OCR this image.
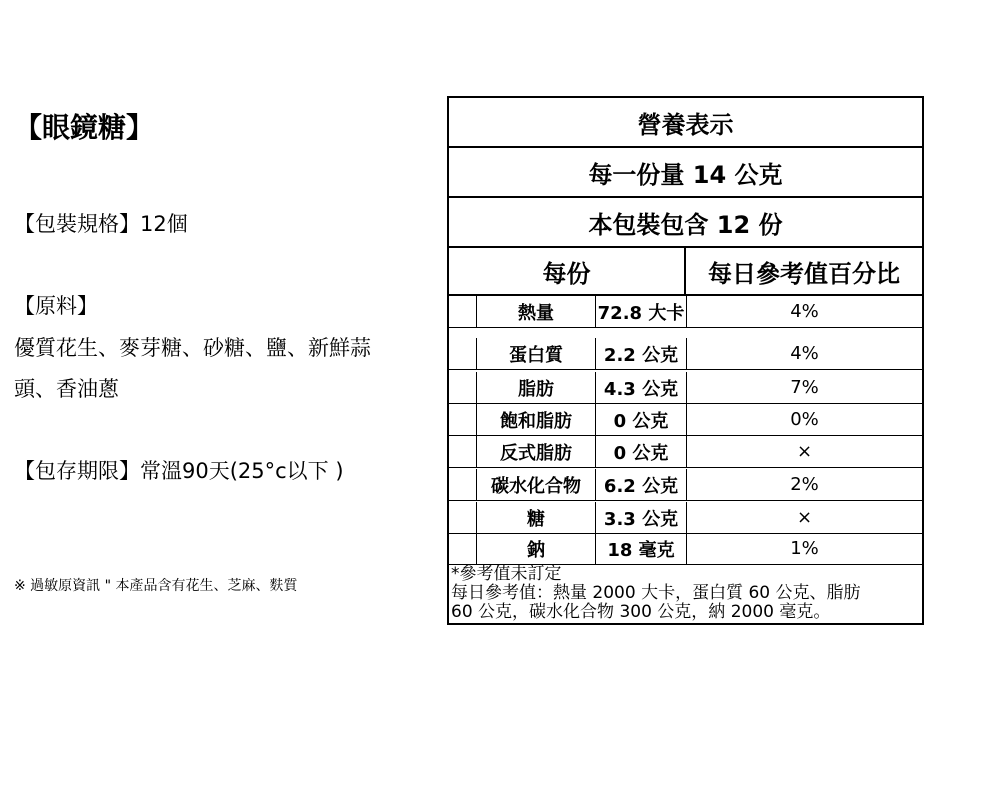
【眼鏡糖】
【包裝規格】12個
【原料】
優質花生、麥芽糖、砂糖、鹽、新鮮蒜
頭、香油蔥
【包存期限】常溫90天(25°c以下 )
※ 過敏原資訊 " 本產品含有花生、芝麻、麩質
營養表示
每一份量 14 公克
本包裝包含 12 份
每份	每日參考值百分比
熱量	72.8 大卡	4%
蛋白質	2.2 公克	4%
脂肪	4.3 公克	7%
飽和脂肪	0 公克	0%
反式脂肪	0 公克	×
碳水化合物	6.2 公克	2%
糖	3.3 公克	×
鈉	18 毫克	1%
*參考值未訂定
每日參考值：熱量 2000 大卡，蛋白質 60 公克、脂肪
60 公克，碳水化合物 300 公克，納 2000 毫克。
